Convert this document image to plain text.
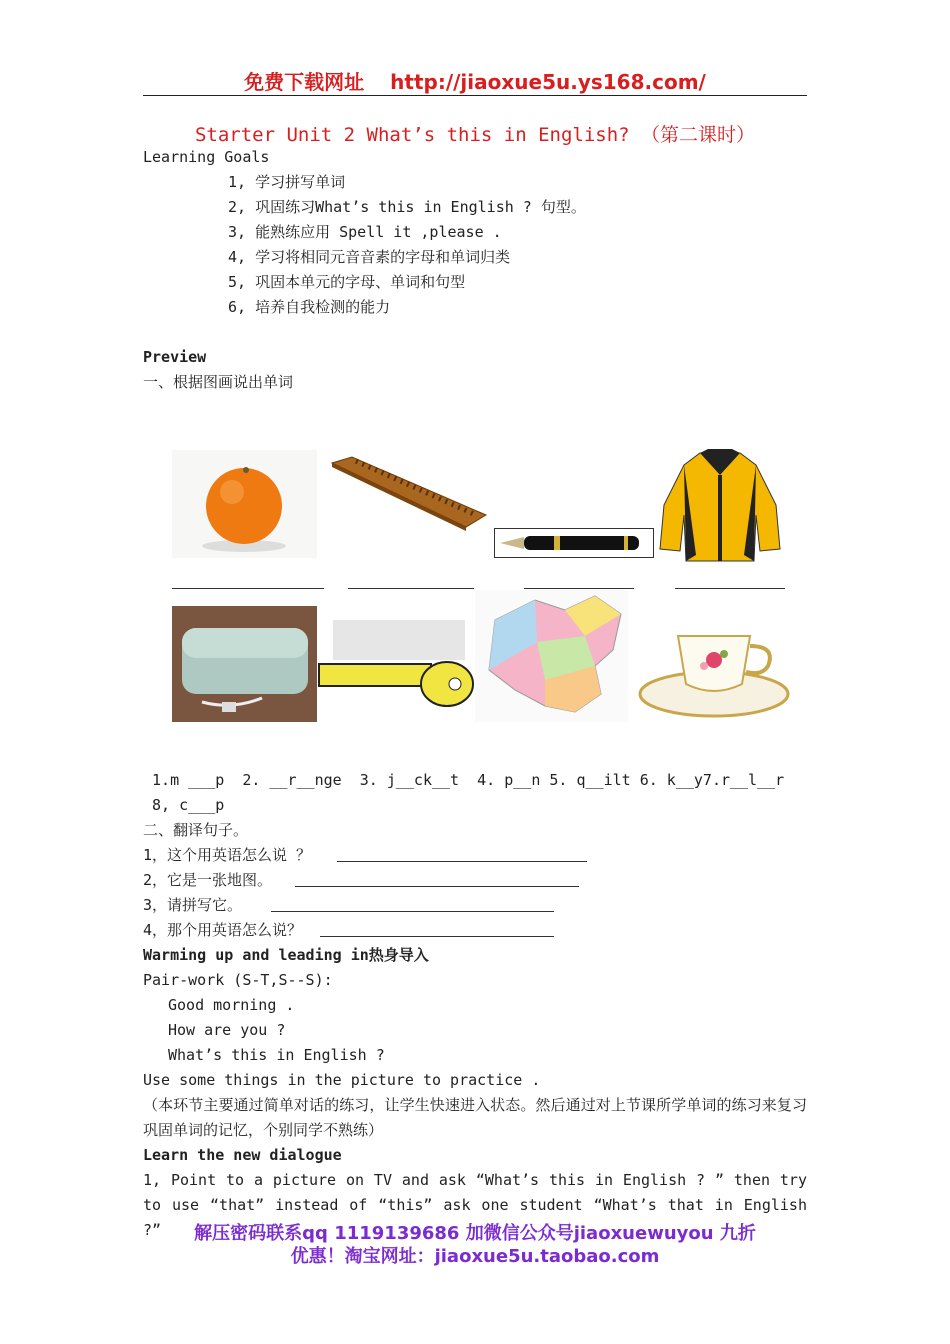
免费下载网址 http://jiaoxue5u.ys168.com/
Starter Unit 2 What’s this in English? （第二课时）
Learning Goals
1, 学习拼写单词
2, 巩固练习What’s this in English ? 句型。
3, 能熟练应用 Spell it ,please .
4, 学习将相同元音音素的字母和单词归类
5, 巩固本单元的字母、单词和句型
6, 培养自我检测的能力
Preview
一、根据图画说出单词
1.m ___p  2. __r__nge  3. j__ck__t  4. p__n 5. q__ilt 6. k__y7.r__l__r
8, c___p
二、翻译句子。
1，这个用英语怎么说 ？
2，它是一张地图。
3，请拼写它。
4，那个用英语怎么说？
Warming up and leading in热身导入
Pair-work (S-T,S--S):
Good morning .
How are you ?
What’s this in English ?
Use some things in the picture to practice .
（本环节主要通过简单对话的练习，让学生快速进入状态。然后通过对上节课所学单词的练习来复习巩固单词的记忆，个别同学不熟练）
Learn the new dialogue
1, Point to a picture on TV and ask “What’s this in English ? ” then try to use “that” instead of “this” ask one student “What’s that in English ?”	解压密码联系qq 1119139686 加微信公众号jiaoxuewuyou 九折
优惠！淘宝网址：jiaoxue5u.taobao.com
